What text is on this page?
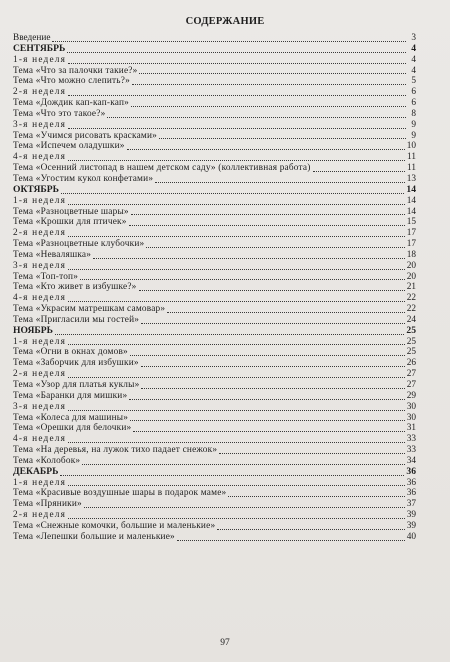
СОДЕРЖАНИЕ
Введение	3
СЕНТЯБРЬ	4
1-я неделя	4
Тема «Что за палочки такие?»	4
Тема «Что можно слепить?»	5
2-я неделя	6
Тема «Дождик кап-кап-кап»	6
Тема «Что это такое?»	8
3-я неделя	9
Тема «Учимся рисовать красками»	9
Тема «Испечем оладушки»	10
4-я неделя	11
Тема «Осенний листопад в нашем детском саду» (коллективная работа)	11
Тема «Угостим кукол конфетами»	13
ОКТЯБРЬ	14
1-я неделя	14
Тема «Разноцветные шары»	14
Тема «Крошки для птичек»	15
2-я неделя	17
Тема «Разноцветные клубочки»	17
Тема «Неваляшка»	18
3-я неделя	20
Тема «Топ-топ»	20
Тема «Кто живет в избушке?»	21
4-я неделя	22
Тема «Украсим матрешкам самовар»	22
Тема «Пригласили мы гостей»	24
НОЯБРЬ	25
1-я неделя	25
Тема «Огни в окнах домов»	25
Тема «Заборчик для избушки»	26
2-я неделя	27
Тема «Узор для платья куклы»	27
Тема «Баранки для мишки»	29
3-я неделя	30
Тема «Колеса для машины»	30
Тема «Орешки для белочки»	31
4-я неделя	33
Тема «На деревья, на лужок тихо падает снежок»	33
Тема «Колобок»	34
ДЕКАБРЬ	36
1-я неделя	36
Тема «Красивые воздушные шары в подарок маме»	36
Тема «Пряники»	37
2-я неделя	39
Тема «Снежные комочки, большие и маленькие»	39
Тема «Лепешки большие и маленькие»	40
97
